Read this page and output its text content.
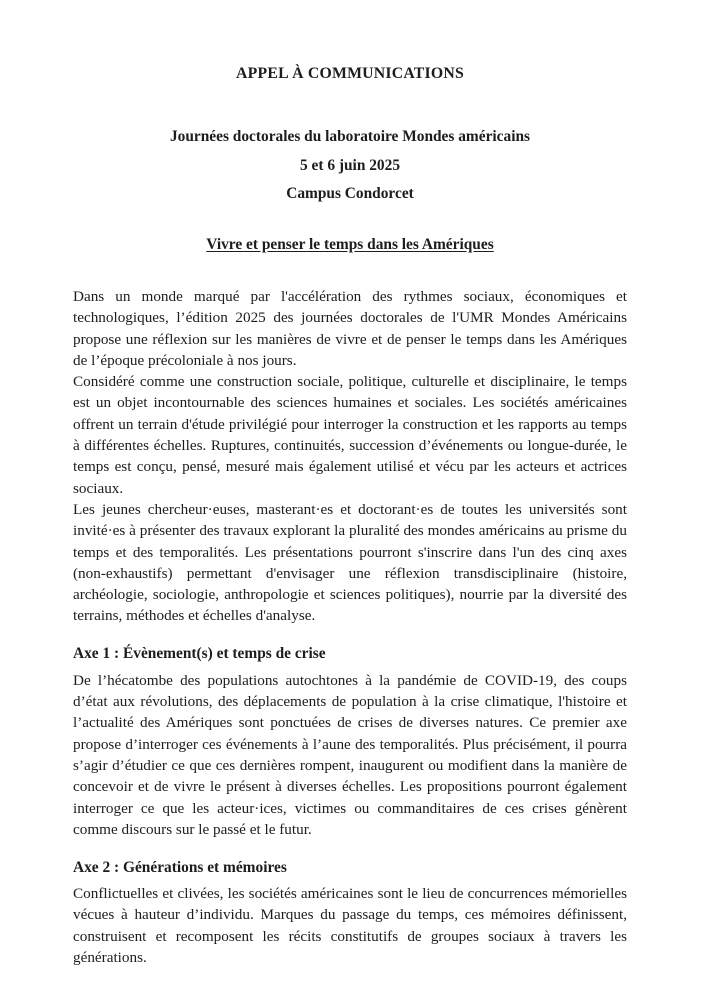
APPEL À COMMUNICATIONS

Journées doctorales du laboratoire Mondes américains

5 et 6 juin 2025

Campus Condorcet

Vivre et penser le temps dans les Amériques

Dans un monde marqué par l'accélération des rythmes sociaux, économiques et technologiques, l’édition 2025 des journées doctorales de l'UMR Mondes Américains propose une réflexion sur les manières de vivre et de penser le temps dans les Amériques de l’époque précoloniale à nos jours.

Considéré comme une construction sociale, politique, culturelle et disciplinaire, le temps est un objet incontournable des sciences humaines et sociales. Les sociétés américaines offrent un terrain d'étude privilégié pour interroger la construction et les rapports au temps à différentes échelles. Ruptures, continuités, succession d’événements ou longue-durée, le temps est conçu, pensé, mesuré mais également utilisé et vécu par les acteurs et actrices sociaux.

Les jeunes chercheur·euses, masterant·es et doctorant·es de toutes les universités sont invité·es à présenter des travaux explorant la pluralité des mondes américains au prisme du temps et des temporalités. Les présentations pourront s'inscrire dans l'un des cinq axes (non-exhaustifs) permettant d'envisager une réflexion transdisciplinaire (histoire, archéologie, sociologie, anthropologie et sciences politiques), nourrie par la diversité des terrains, méthodes et échelles d'analyse.

Axe 1 : Évènement(s) et temps de crise

De l’hécatombe des populations autochtones à la pandémie de COVID-19, des coups d’état aux révolutions, des déplacements de population à la crise climatique, l'histoire et l’actualité des Amériques sont ponctuées de crises de diverses natures. Ce premier axe propose d’interroger ces événements à l’aune des temporalités. Plus précisément, il pourra s’agir d’étudier ce que ces dernières rompent, inaugurent ou modifient dans la manière de concevoir et de vivre le présent à diverses échelles. Les propositions pourront également interroger ce que les acteur·ices, victimes ou commanditaires de ces crises génèrent comme discours sur le passé et le futur.

Axe 2 : Générations et mémoires

Conflictuelles et clivées, les sociétés américaines sont le lieu de concurrences mémorielles vécues à hauteur d’individu. Marques du passage du temps, ces mémoires définissent, construisent et recomposent les récits constitutifs de groupes sociaux à travers les générations.
